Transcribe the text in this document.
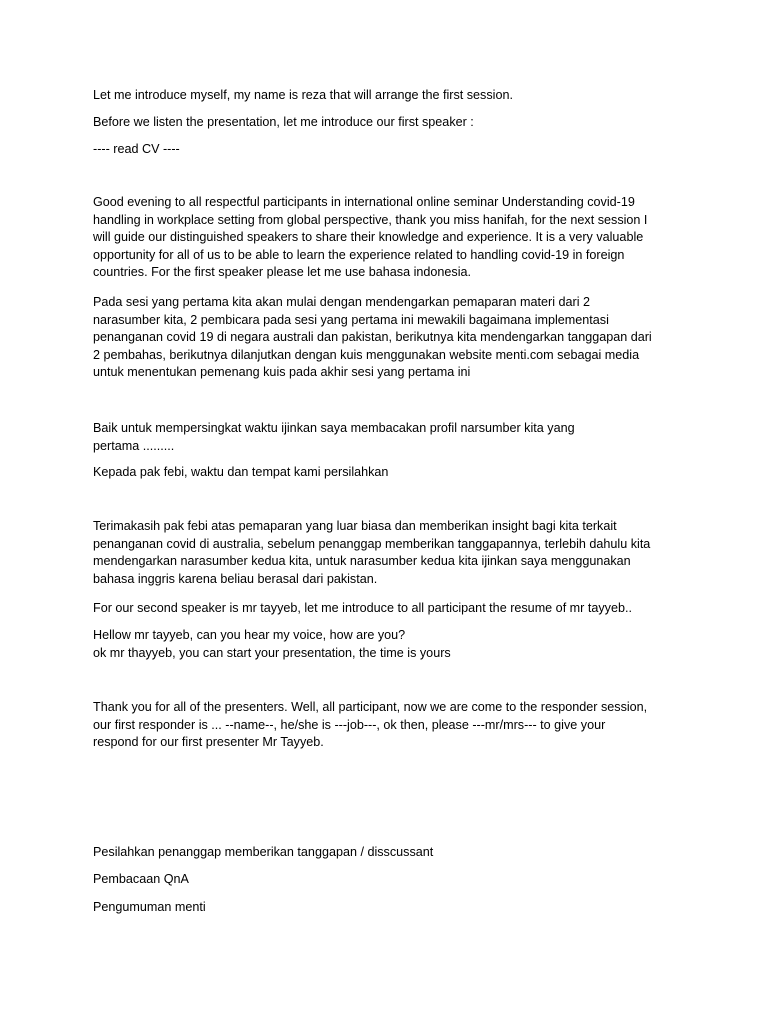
Let me introduce myself, my name is reza that will arrange the first session.

Before we listen the presentation, let me introduce our first speaker :

---- read CV ----

Good evening to all respectful participants in international online seminar Understanding covid-19
handling in workplace setting from global perspective, thank you miss hanifah, for the next session I
will guide our distinguished speakers to share their knowledge and experience. It is a very valuable
opportunity for all of us to be able to learn the experience related to handling covid-19 in foreign
countries. For the first speaker please let me use bahasa indonesia.

Pada sesi yang pertama kita akan mulai dengan mendengarkan pemaparan materi dari 2
narasumber kita, 2 pembicara pada sesi yang pertama ini mewakili bagaimana implementasi
penanganan covid 19 di negara australi dan pakistan, berikutnya kita mendengarkan tanggapan dari
2 pembahas, berikutnya dilanjutkan dengan kuis menggunakan website menti.com sebagai media
untuk menentukan pemenang kuis pada akhir sesi yang pertama ini

Baik untuk mempersingkat waktu ijinkan saya membacakan profil narsumber kita yang
pertama .........

Kepada pak febi, waktu dan tempat kami persilahkan

Terimakasih pak febi atas pemaparan yang luar biasa dan memberikan insight bagi kita terkait
penanganan covid di australia, sebelum penanggap memberikan tanggapannya, terlebih dahulu kita
mendengarkan narasumber kedua kita, untuk narasumber kedua kita ijinkan saya menggunakan
bahasa inggris karena beliau berasal dari pakistan.

For our second speaker is mr tayyeb, let me introduce to all participant the resume of mr tayyeb..

Hellow mr tayyeb, can you hear my voice, how are you?
ok mr thayyeb, you can start your presentation, the time is yours

Thank you for all of the presenters. Well, all participant, now we are come to the responder session,
our first responder is ... --name--, he/she is ---job---, ok then, please ---mr/mrs--- to give your
respond for our first presenter Mr Tayyeb.

Pesilahkan penanggap memberikan tanggapan / disscussant

Pembacaan QnA

Pengumuman menti
